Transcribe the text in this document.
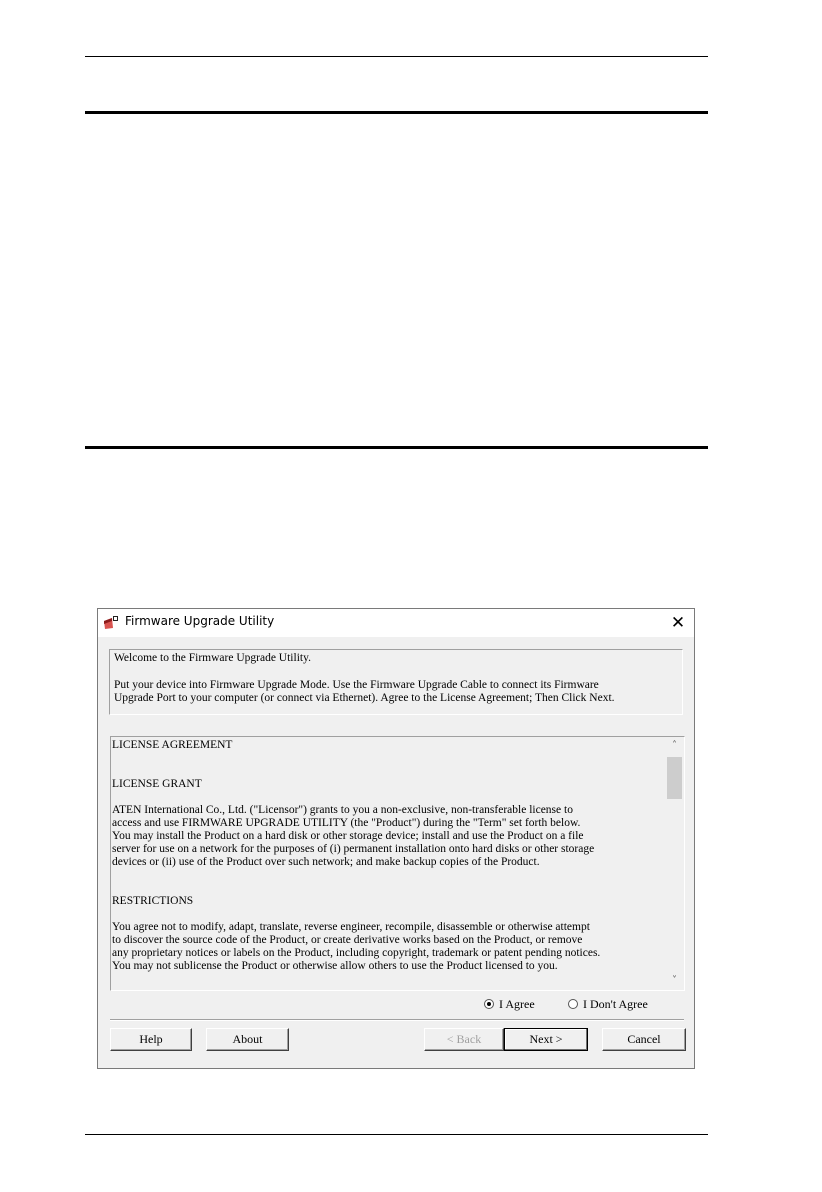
Firmware Upgrade Utility	✕

Welcome to the Firmware Upgrade Utility.

Put your device into Firmware Upgrade Mode. Use the Firmware Upgrade Cable to connect its Firmware

Upgrade Port to your computer (or connect via Ethernet). Agree to the License Agreement; Then Click Next.

LICENSE AGREEMENT

LICENSE GRANT

ATEN International Co., Ltd. ("Licensor") grants to you a non-exclusive, non-transferable license to

access and use FIRMWARE UPGRADE UTILITY (the "Product") during the "Term" set forth below.

You may install the Product on a hard disk or other storage device; install and use the Product on a file

server for use on a network for the purposes of (i) permanent installation onto hard disks or other storage

devices or (ii) use of the Product over such network; and make backup copies of the Product.

RESTRICTIONS

You agree not to modify, adapt, translate, reverse engineer, recompile, disassemble or otherwise attempt

to discover the source code of the Product, or create derivative works based on the Product, or remove

any proprietary notices or labels on the Product, including copyright, trademark or patent pending notices.

You may not sublicense the Product or otherwise allow others to use the Product licensed to you.

˄
˅
I Agree	I Don't Agree
Help	About	< Back	Next >	Cancel
